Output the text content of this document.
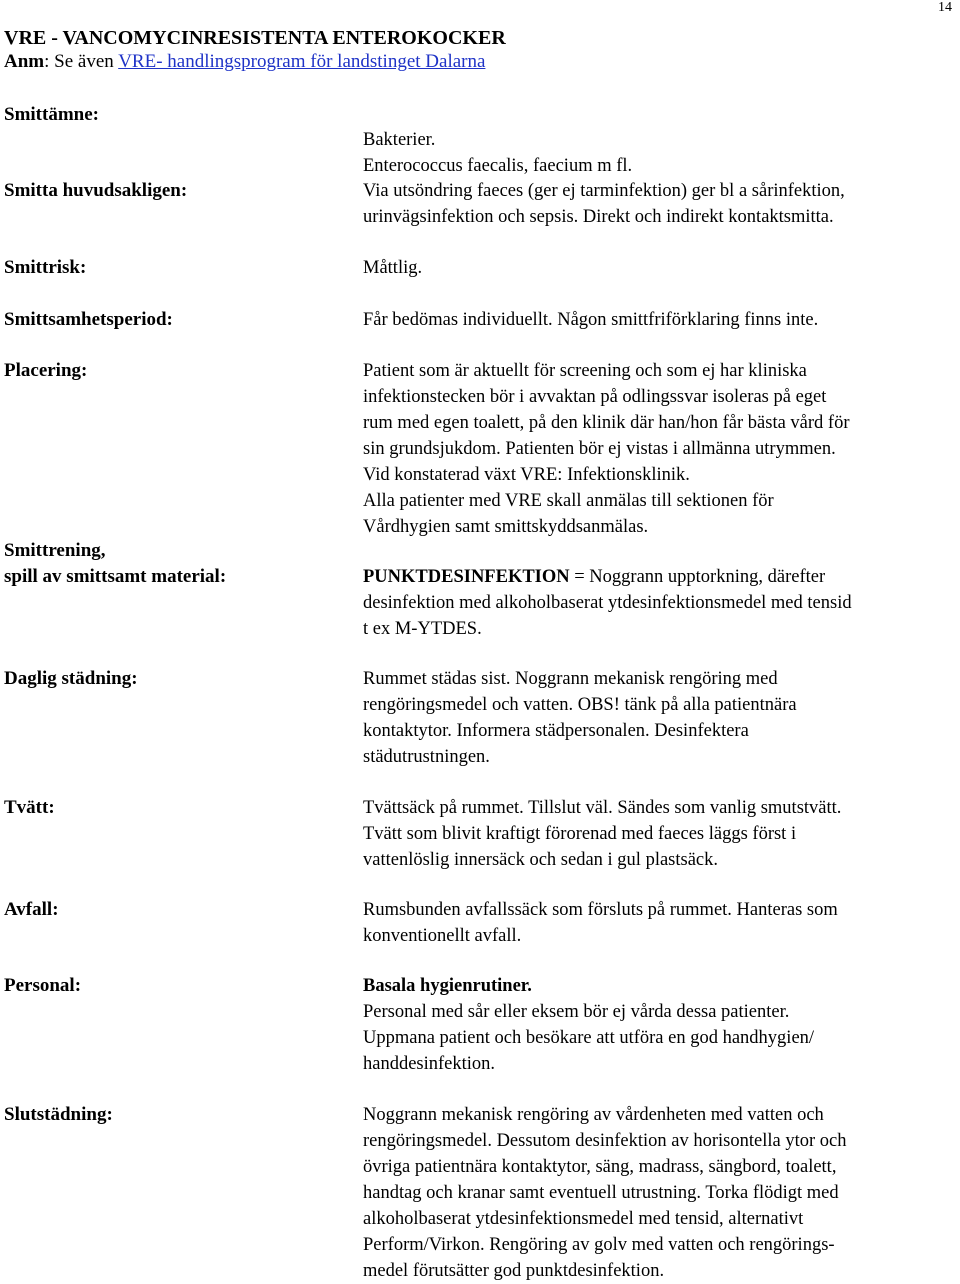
14
VRE - VANCOMYCINRESISTENTA ENTEROKOCKER
Anm: Se även VRE- handlingsprogram för landstinget Dalarna
Smittämne:

Bakterier.

Enterococcus faecalis, faecium m fl.

Smitta huvudsakligen:	Via utsöndring faeces (ger ej tarminfektion) ger bl a sårinfektion,

urinvägsinfektion och sepsis. Direkt och indirekt kontaktsmitta.

Smittrisk:	Måttlig.

Smittsamhetsperiod:	Får bedömas individuellt. Någon smittfriförklaring finns inte.

Placering:	Patient som är aktuellt för screening och som ej har kliniska

infektionstecken bör i avvaktan på odlingssvar isoleras på eget

rum med egen toalett, på den klinik där han/hon får bästa vård för

sin grundsjukdom. Patienten bör ej vistas i allmänna utrymmen.

Vid konstaterad växt VRE: Infektionsklinik.

Alla patienter med VRE skall anmälas till sektionen för

Vårdhygien samt smittskyddsanmälas.

Smittrening,
spill av smittsamt material:	PUNKTDESINFEKTION = Noggrann upptorkning, därefter

desinfektion med alkoholbaserat ytdesinfektionsmedel med tensid

t ex M-YTDES.

Daglig städning:	Rummet städas sist. Noggrann mekanisk rengöring med

rengöringsmedel och vatten. OBS! tänk på alla patientnära

kontaktytor. Informera städpersonalen. Desinfektera

städutrustningen.

Tvätt:	Tvättsäck på rummet. Tillslut väl. Sändes som vanlig smutstvätt.

Tvätt som blivit kraftigt förorenad med faeces läggs först i

vattenlöslig innersäck och sedan i gul plastsäck.

Avfall:	Rumsbunden avfallssäck som försluts på rummet. Hanteras som

konventionellt avfall.

Personal:	Basala hygienrutiner.

Personal med sår eller eksem bör ej vårda dessa patienter.

Uppmana patient och besökare att utföra en god handhygien/

handdesinfektion.

Slutstädning:	Noggrann mekanisk rengöring av vårdenheten med vatten och

rengöringsmedel. Dessutom desinfektion av horisontella ytor och

övriga patientnära kontaktytor, säng, madrass, sängbord, toalett,

handtag och kranar samt eventuell utrustning. Torka flödigt med

alkoholbaserat ytdesinfektionsmedel med tensid, alternativt

Perform/Virkon. Rengöring av golv med vatten och rengörings-

medel förutsätter god punktdesinfektion.
